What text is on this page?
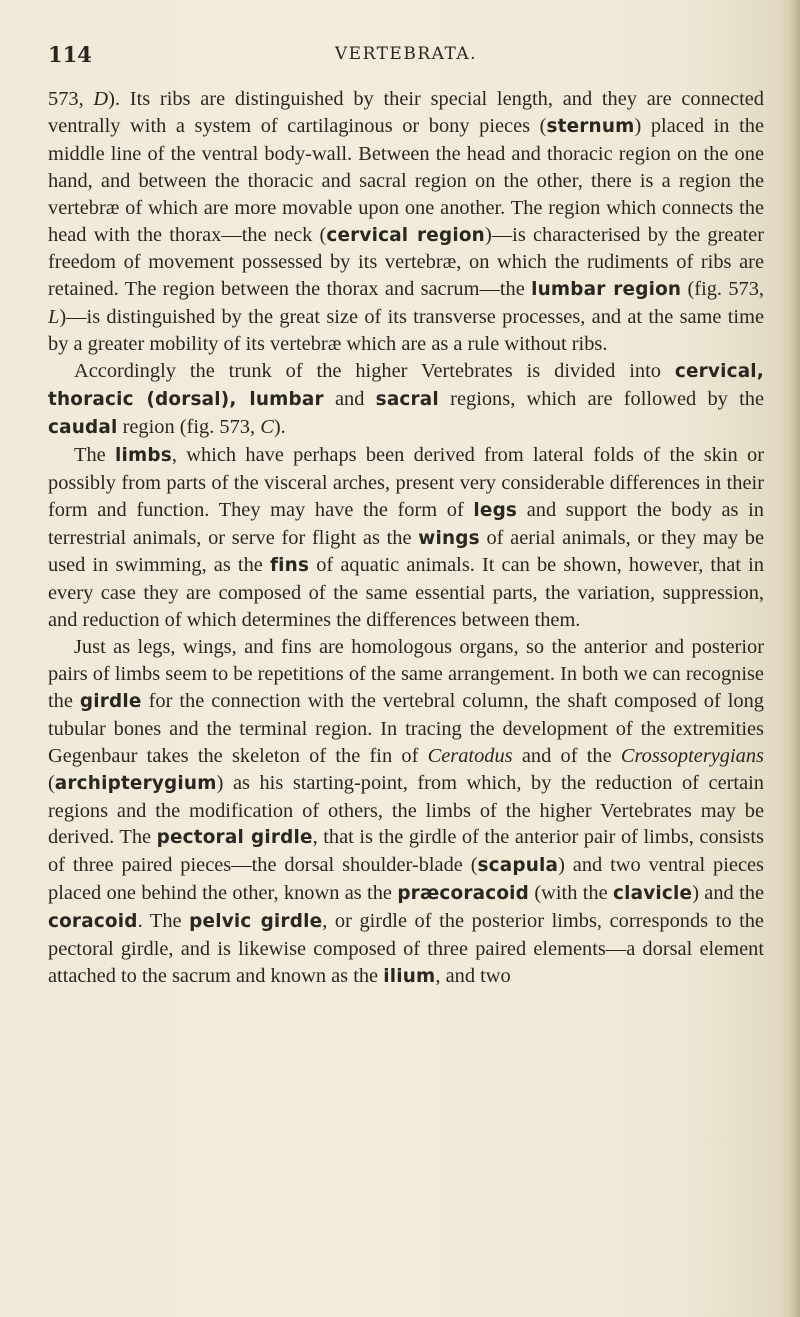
114	VERTEBRATA.

573, D). Its ribs are distinguished by their special length, and they are connected ventrally with a system of cartilaginous or bony pieces (sternum) placed in the middle line of the ventral body-wall. Between the head and thoracic region on the one hand, and between the thoracic and sacral region on the other, there is a region the vertebræ of which are more movable upon one another. The region which connects the head with the thorax—the neck (cervical region)—is characterised by the greater freedom of movement possessed by its vertebræ, on which the rudiments of ribs are retained. The region between the thorax and sacrum—the lumbar region (fig. 573, L)—is distinguished by the great size of its transverse processes, and at the same time by a greater mobility of its vertebræ which are as a rule without ribs.

Accordingly the trunk of the higher Vertebrates is divided into cervical, thoracic (dorsal), lumbar and sacral regions, which are followed by the caudal region (fig. 573, C).

The limbs, which have perhaps been derived from lateral folds of the skin or possibly from parts of the visceral arches, present very considerable differences in their form and function. They may have the form of legs and support the body as in terrestrial animals, or serve for flight as the wings of aerial animals, or they may be used in swimming, as the fins of aquatic animals. It can be shown, however, that in every case they are composed of the same essential parts, the variation, suppression, and reduction of which determines the differences between them.

Just as legs, wings, and fins are homologous organs, so the anterior and posterior pairs of limbs seem to be repetitions of the same arrangement. In both we can recognise the girdle for the connection with the vertebral column, the shaft composed of long tubular bones and the terminal region. In tracing the development of the extremities Gegenbaur takes the skeleton of the fin of Ceratodus and of the Crossopterygians (archipterygium) as his starting-point, from which, by the reduction of certain regions and the modification of others, the limbs of the higher Vertebrates may be derived. The pectoral girdle, that is the girdle of the anterior pair of limbs, consists of three paired pieces—the dorsal shoulder-blade (scapula) and two ventral pieces placed one behind the other, known as the præcoracoid (with the clavicle) and the coracoid. The pelvic girdle, or girdle of the posterior limbs, corresponds to the pectoral girdle, and is likewise composed of three paired elements—a dorsal element attached to the sacrum and known as the ilium, and two
